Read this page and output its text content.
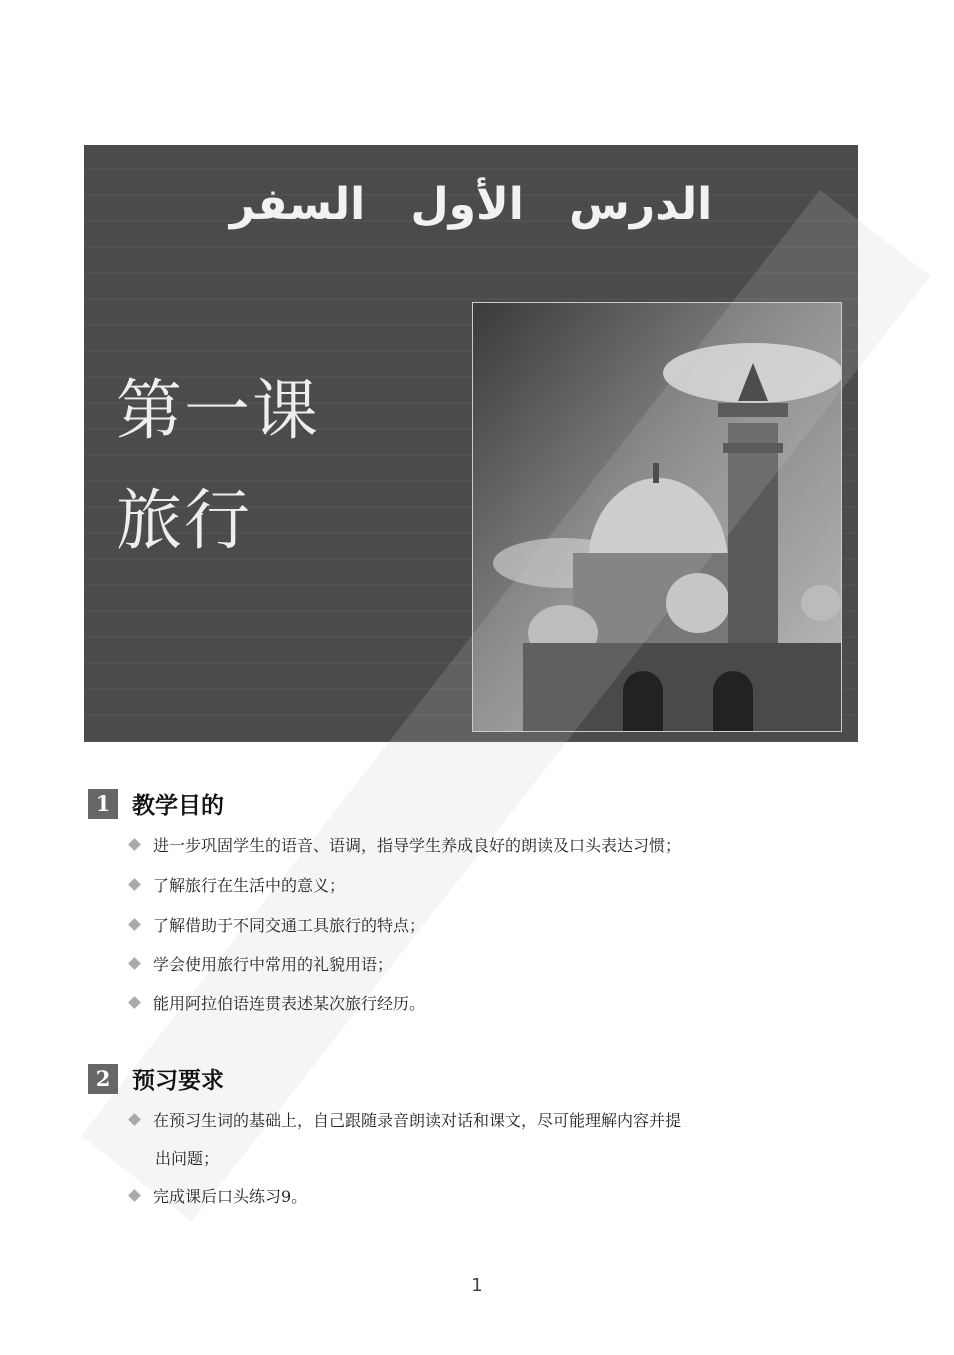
الدرس الأول السفر
第一课
旅行
1 教学目的
进一步巩固学生的语音、语调，指导学生养成良好的朗读及口头表达习惯；
了解旅行在生活中的意义；
了解借助于不同交通工具旅行的特点；
学会使用旅行中常用的礼貌用语；
能用阿拉伯语连贯表述某次旅行经历。
2 预习要求
在预习生词的基础上，自己跟随录音朗读对话和课文，尽可能理解内容并提
出问题；
完成课后口头练习9。
1
